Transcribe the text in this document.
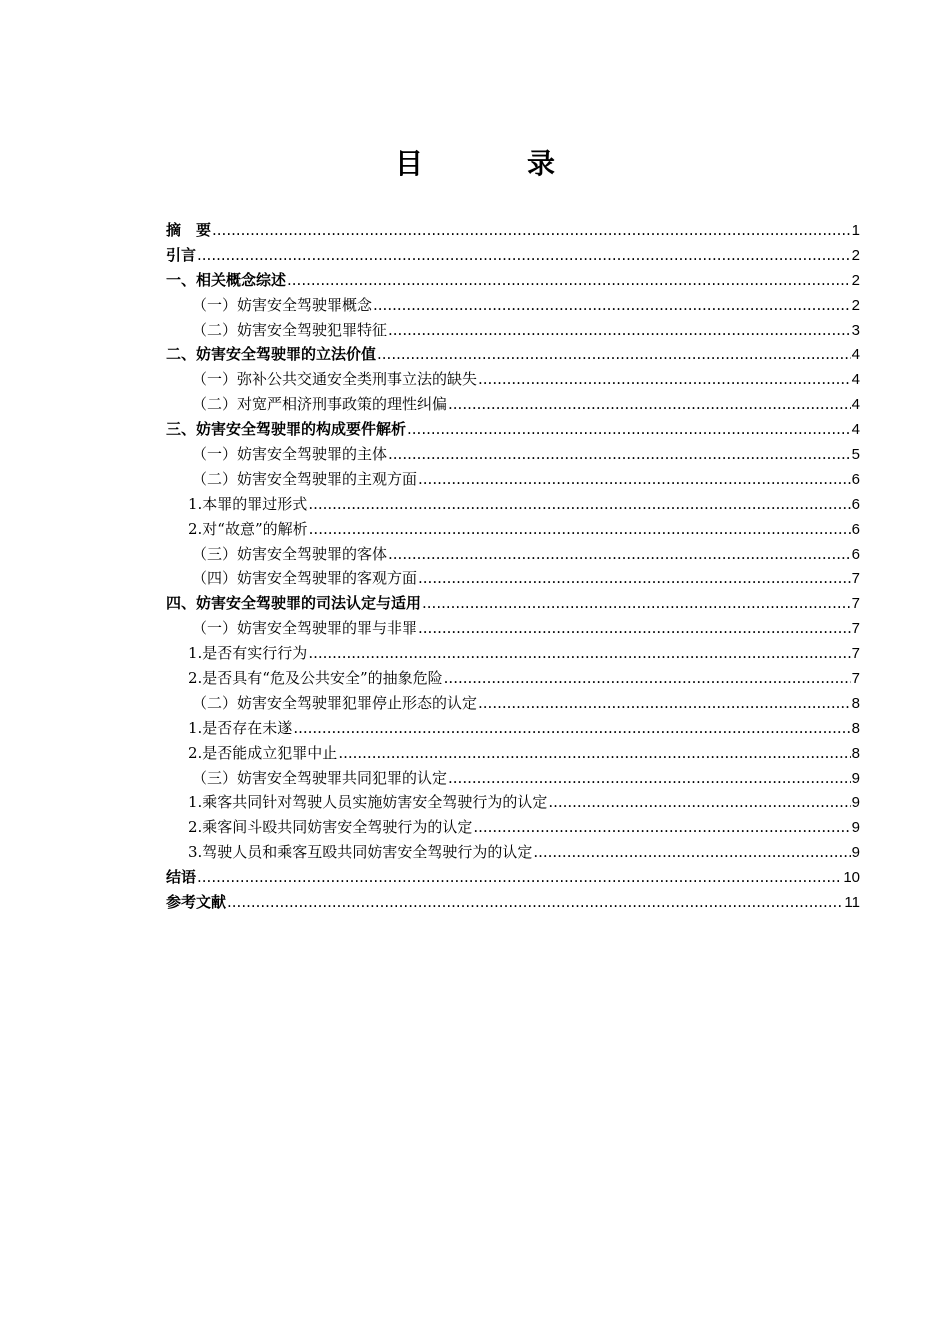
目　录
摘　要 .....	1
引言 .....	2
一、相关概念综述 .....	2
（一）妨害安全驾驶罪概念 .....	2
（二）妨害安全驾驶犯罪特征 .....	3
二、妨害安全驾驶罪的立法价值 .....	4
（一）弥补公共交通安全类刑事立法的缺失 .....	4
（二）对宽严相济刑事政策的理性纠偏 .....	4
三、妨害安全驾驶罪的构成要件解析 .....	4
（一）妨害安全驾驶罪的主体 .....	5
（二）妨害安全驾驶罪的主观方面 .....	6
1.本罪的罪过形式 .....	6
2.对“故意”的解析 .....	6
（三）妨害安全驾驶罪的客体 .....	6
（四）妨害安全驾驶罪的客观方面 .....	7
四、妨害安全驾驶罪的司法认定与适用 .....	7
（一）妨害安全驾驶罪的罪与非罪 .....	7
1.是否有实行行为 .....	7
2.是否具有“危及公共安全”的抽象危险 .....	7
（二）妨害安全驾驶罪犯罪停止形态的认定 .....	8
1.是否存在未遂 .....	8
2.是否能成立犯罪中止 .....	8
（三）妨害安全驾驶罪共同犯罪的认定 .....	9
1.乘客共同针对驾驶人员实施妨害安全驾驶行为的认定 .....	9
2.乘客间斗殴共同妨害安全驾驶行为的认定 .....	9
3.驾驶人员和乘客互殴共同妨害安全驾驶行为的认定 .....	9
结语 .....	10
参考文献 .....	11
